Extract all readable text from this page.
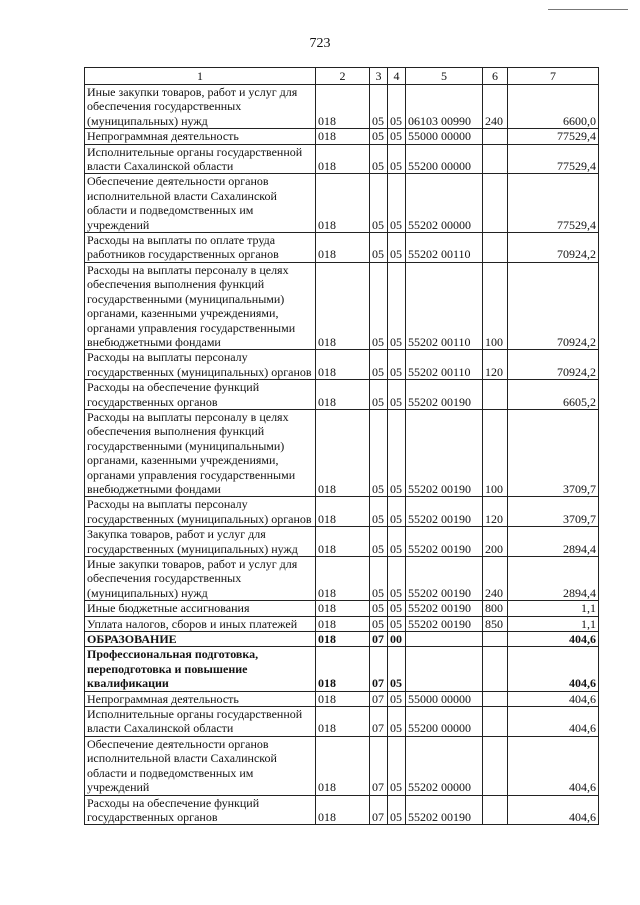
723
1	2	3	4	5	6	7
Иные закупки товаров, работ и услуг для обеспечения государственных (муниципальных) нужд	018	05	05	06103 00990	240	6600,0
Непрограммная деятельность	018	05	05	55000 00000		77529,4
Исполнительные органы государственной власти Сахалинской области	018	05	05	55200 00000		77529,4
Обеспечение деятельности органов исполнительной власти Сахалинской области и подведомственных им учреждений	018	05	05	55202 00000		77529,4
Расходы на выплаты по оплате труда работников государственных органов	018	05	05	55202 00110		70924,2
Расходы на выплаты персоналу в целях обеспечения выполнения функций государственными (муниципальными) органами, казенными учреждениями, органами управления государственными внебюджетными фондами	018	05	05	55202 00110	100	70924,2
Расходы на выплаты персоналу государственных (муниципальных) органов	018	05	05	55202 00110	120	70924,2
Расходы на обеспечение функций государственных органов	018	05	05	55202 00190		6605,2
Расходы на выплаты персоналу в целях обеспечения выполнения функций государственными (муниципальными) органами, казенными учреждениями, органами управления государственными внебюджетными фондами	018	05	05	55202 00190	100	3709,7
Расходы на выплаты персоналу государственных (муниципальных) органов	018	05	05	55202 00190	120	3709,7
Закупка товаров, работ и услуг для государственных (муниципальных) нужд	018	05	05	55202 00190	200	2894,4
Иные закупки товаров, работ и услуг для обеспечения государственных (муниципальных) нужд	018	05	05	55202 00190	240	2894,4
Иные бюджетные ассигнования	018	05	05	55202 00190	800	1,1
Уплата налогов, сборов и иных платежей	018	05	05	55202 00190	850	1,1
ОБРАЗОВАНИЕ	018	07	00			404,6
Профессиональная подготовка, переподготовка и повышение квалификации	018	07	05			404,6
Непрограммная деятельность	018	07	05	55000 00000		404,6
Исполнительные органы государственной власти Сахалинской области	018	07	05	55200 00000		404,6
Обеспечение деятельности органов исполнительной власти Сахалинской области и подведомственных им учреждений	018	07	05	55202 00000		404,6
Расходы на обеспечение функций государственных органов	018	07	05	55202 00190		404,6
